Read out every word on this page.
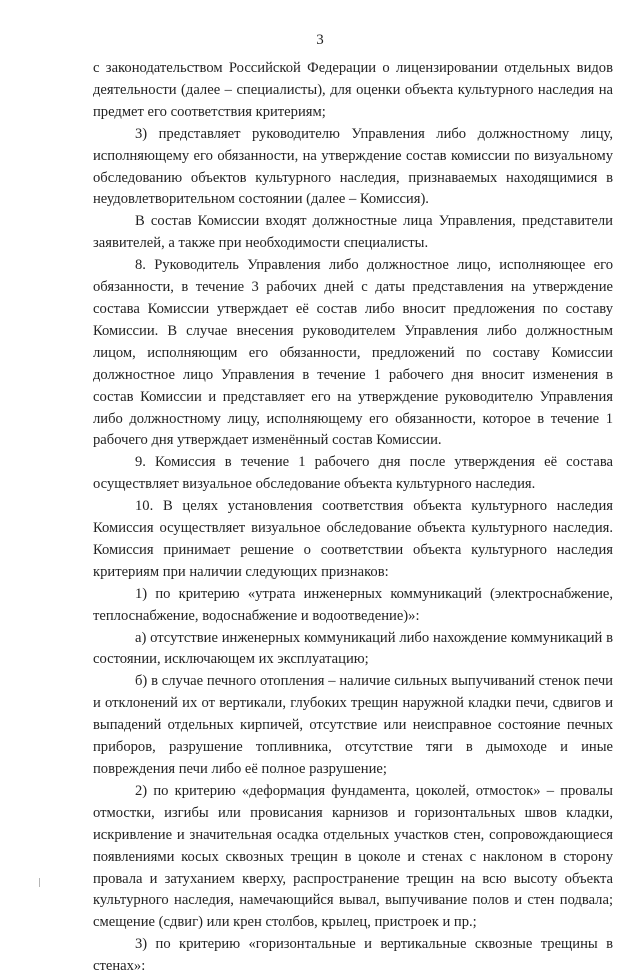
3

с законодательством Российской Федерации о лицензировании отдельных видов деятельности (далее – специалисты), для оценки объекта культурного наследия на предмет его соответствия критериям;

3) представляет руководителю Управления либо должностному лицу, исполняющему его обязанности, на утверждение состав комиссии по визуальному обследованию объектов культурного наследия, признаваемых находящимися в неудовлетворительном состоянии (далее – Комиссия).

В состав Комиссии входят должностные лица Управления, представители заявителей, а также при необходимости специалисты.

8. Руководитель Управления либо должностное лицо, исполняющее его обязанности, в течение 3 рабочих дней с даты представления на утверждение состава Комиссии утверждает её состав либо вносит предложения по составу Комиссии. В случае внесения руководителем Управления либо должностным лицом, исполняющим его обязанности, предложений по составу Комиссии должностное лицо Управления в течение 1 рабочего дня вносит изменения в состав Комиссии и представляет его на утверждение руководителю Управления либо должностному лицу, исполняющему его обязанности, которое в течение 1 рабочего дня утверждает изменённый состав Комиссии.

9. Комиссия в течение 1 рабочего дня после утверждения её состава осуществляет визуальное обследование объекта культурного наследия.

10. В целях установления соответствия объекта культурного наследия Комиссия осуществляет визуальное обследование объекта культурного наследия. Комиссия принимает решение о соответствии объекта культурного наследия критериям при наличии следующих признаков:

1) по критерию «утрата инженерных коммуникаций (электроснабжение, теплоснабжение, водоснабжение и водоотведение)»:

а) отсутствие инженерных коммуникаций либо нахождение коммуникаций в состоянии, исключающем их эксплуатацию;

б) в случае печного отопления – наличие сильных выпучиваний стенок печи и отклонений их от вертикали, глубоких трещин наружной кладки печи, сдвигов и выпадений отдельных кирпичей, отсутствие или неисправное состояние печных приборов, разрушение топливника, отсутствие тяги в дымоходе и иные повреждения печи либо её полное разрушение;

2) по критерию «деформация фундамента, цоколей, отмосток» – провалы отмостки, изгибы или провисания карнизов и горизонтальных швов кладки, искривление и значительная осадка отдельных участков стен, сопровождающиеся появлениями косых сквозных трещин в цоколе и стенах с наклоном в сторону провала и затуханием кверху, распространение трещин на всю высоту объекта культурного наследия, намечающийся вывал, выпучивание полов и стен подвала; смещение (сдвиг) или крен столбов, крылец, пристроек и пр.;

3) по критерию «горизонтальные и вертикальные сквозные трещины в стенах»:
